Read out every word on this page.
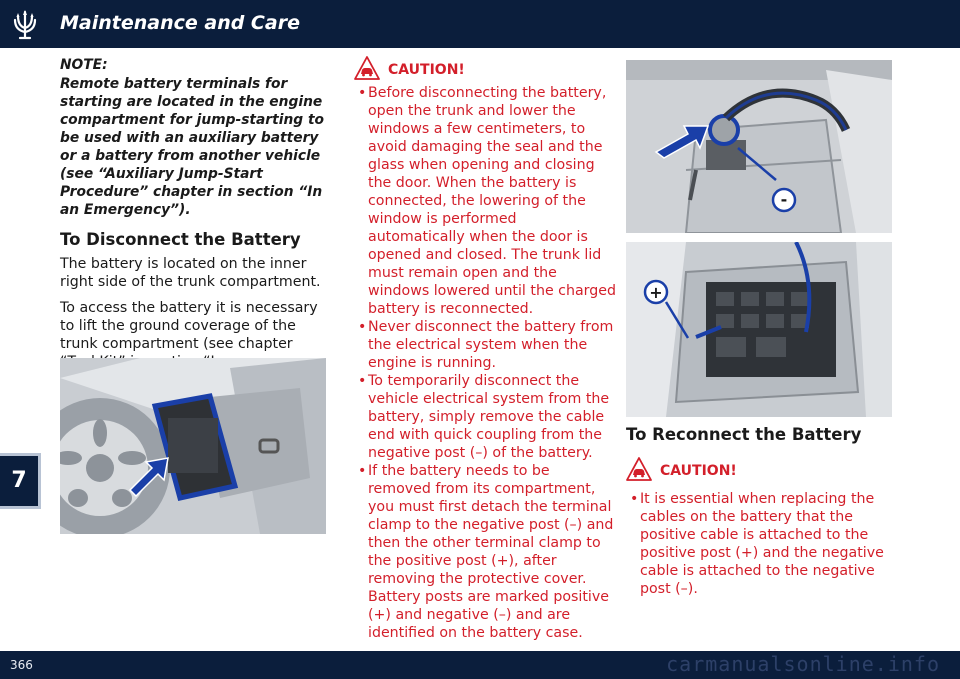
Maintenance and Care
7

NOTE:

Remote battery terminals for starting are located in the engine compartment for jump-starting to be used with an auxiliary battery or a battery from another vehicle (see “Auxiliary Jump-Start Procedure” chapter in section “In an Emergency”).

To Disconnect the Battery

The battery is located on the inner right side of the trunk compartment.

To access the battery it is necessary to lift the ground coverage of the trunk compartment (see chapter

CAUTION!
• Before disconnecting the battery, open the trunk and lower the windows a few centimeters, to avoid damaging the seal and the glass when opening and closing the door. When the battery is connected, the lowering of the window is performed automatically when the door is opened and closed. The trunk lid must remain open and the windows lowered until the charged battery is reconnected.
• Never disconnect the battery from the electrical system when the engine is running.
• To temporarily disconnect the vehicle electrical system from the battery, simply remove the cable end with quick coupling from the negative post (–) of the battery.
• If the battery needs to be removed from its compartment, you must first detach the terminal clamp to the negative post (–) and then the other terminal clamp to the positive post (+), after removing the protective cover. Battery posts are marked positive (+) and negative (–) and are identified on the battery case.
-
+
To Reconnect the Battery
CAUTION!
• It is essential when replacing the cables on the battery that the positive cable is attached to the positive post (+) and the negative cable is attached to the negative post (–).
366	carmanualsonline.info
